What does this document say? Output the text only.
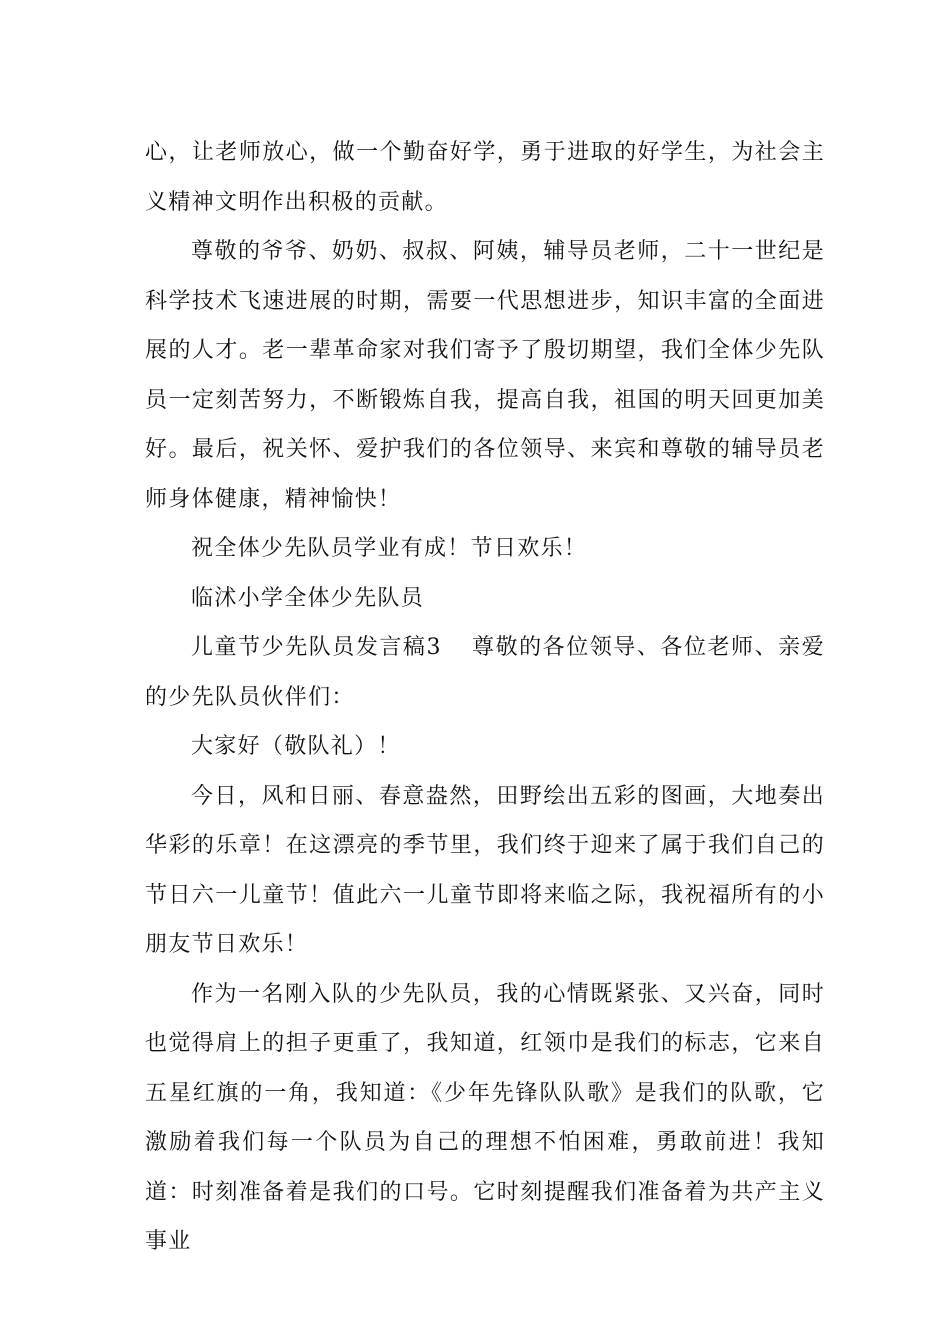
心，让老师放心，做一个勤奋好学，勇于进取的好学生，为社会主义精神文明作出积极的贡献。

尊敬的爷爷、奶奶、叔叔、阿姨，辅导员老师，二十一世纪是科学技术飞速进展的时期，需要一代思想进步，知识丰富的全面进展的人才。老一辈革命家对我们寄予了殷切期望，我们全体少先队员一定刻苦努力，不断锻炼自我，提高自我，祖国的明天回更加美好。最后，祝关怀、爱护我们的各位领导、来宾和尊敬的辅导员老师身体健康，精神愉快！

祝全体少先队员学业有成！节日欢乐！

临沭小学全体少先队员

儿童节少先队员发言稿3 尊敬的各位领导、各位老师、亲爱的少先队员伙伴们：

大家好（敬队礼）！

今日，风和日丽、春意盎然，田野绘出五彩的图画，大地奏出华彩的乐章！在这漂亮的季节里，我们终于迎来了属于我们自己的节日六一儿童节！值此六一儿童节即将来临之际，我祝福所有的小朋友节日欢乐！

作为一名刚入队的少先队员，我的心情既紧张、又兴奋，同时也觉得肩上的担子更重了，我知道，红领巾是我们的标志，它来自五星红旗的一角，我知道：《少年先锋队队歌》是我们的队歌，它激励着我们每一个队员为自己的理想不怕困难，勇敢前进！我知道：时刻准备着是我们的口号。它时刻提醒我们准备着为共产主义事业
